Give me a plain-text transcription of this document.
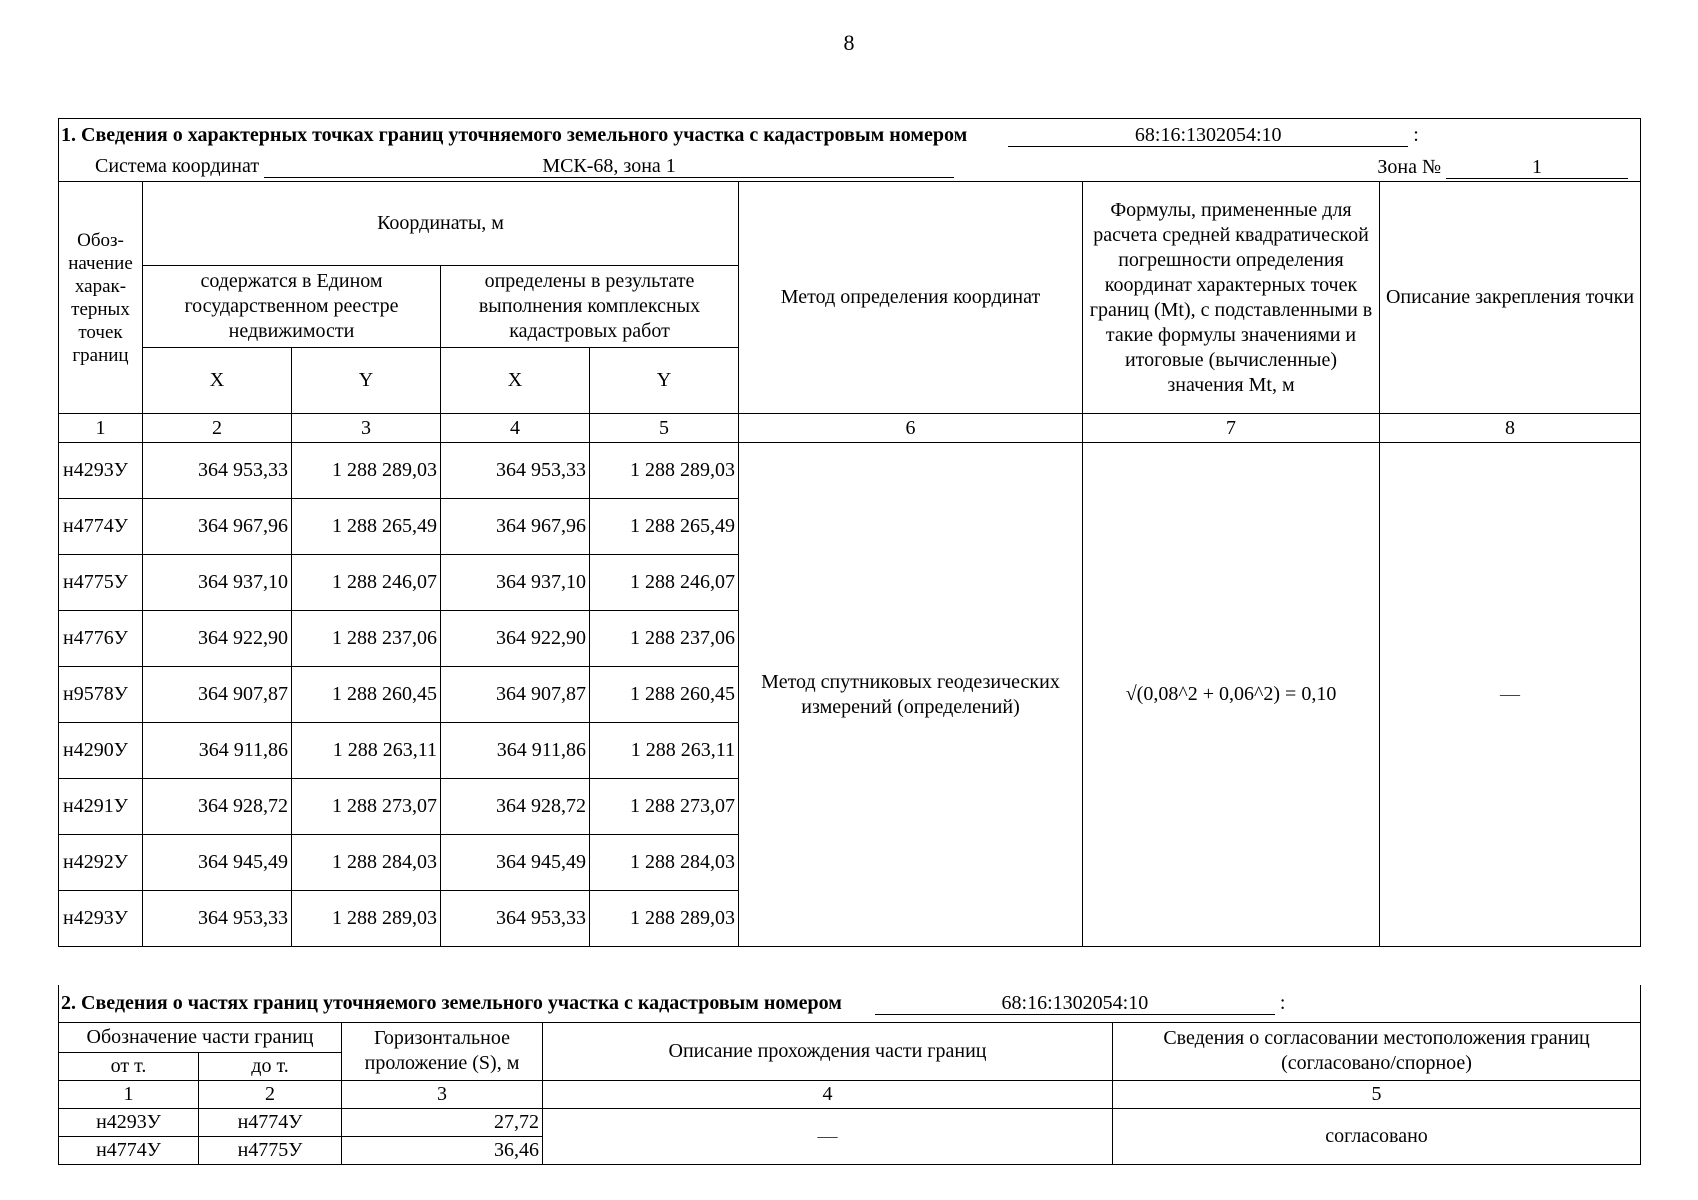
8
1. Сведения о характерных точках границ уточняемого земельного участка с кадастровым номером 68:16:1302054:10 :							
Система координат МСК-68, зона 1 Зона № 1							

Обоз-начение харак-терных точек границ	Координаты, м				Метод определения координат	Формулы, примененные для расчета средней квадратической погрешности определения координат характерных точек границ (Mt), с подставленными в такие формулы значениями и итоговые (вычисленные) значения Mt, м	Описание закрепления точки
	содержатся в Едином государственном реестре недвижимости		определены в результате выполнения комплексных кадастровых работ				
	X	Y	X	Y			
1	2	3	4	5	6	7	8
н4293У	364 953,33	1 288 289,03	364 953,33	1 288 289,03	Метод спутниковых геодезических измерений (определений)	√(0,08^2 + 0,06^2) = 0,10	—
н4774У	364 967,96	1 288 265,49	364 967,96	1 288 265,49			
н4775У	364 937,10	1 288 246,07	364 937,10	1 288 246,07			
н4776У	364 922,90	1 288 237,06	364 922,90	1 288 237,06			
н9578У	364 907,87	1 288 260,45	364 907,87	1 288 260,45			
н4290У	364 911,86	1 288 263,11	364 911,86	1 288 263,11			
н4291У	364 928,72	1 288 273,07	364 928,72	1 288 273,07			
н4292У	364 945,49	1 288 284,03	364 945,49	1 288 284,03			
н4293У	364 953,33	1 288 289,03	364 953,33	1 288 289,03			
2. Сведения о частях границ уточняемого земельного участка с кадастровым номером 68:16:1302054:10 :				
Обозначение части границ		Горизонтальное проложение (S), м	Описание прохождения части границ	Сведения о согласовании местоположения границ (согласовано/спорное)
от т.	до т.			
1	2	3	4	5
н4293У	н4774У	27,72	—	согласовано
н4774У	н4775У	36,46		
